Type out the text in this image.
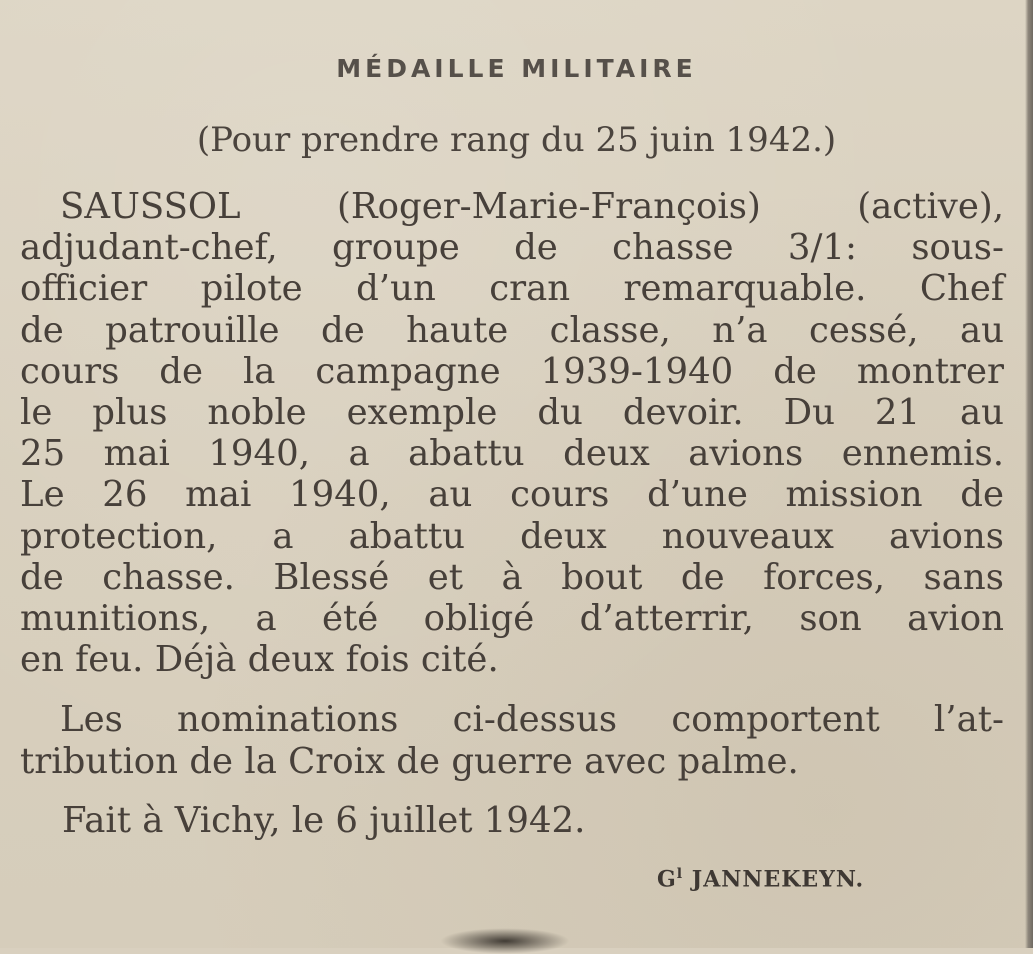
MÉDAILLE MILITAIRE
(Pour prendre rang du 25 juin 1942.)
SAUSSOL (Roger-Marie-François) (active),
adjudant-chef, groupe de chasse 3/1: sous-
officier pilote d’un cran remarquable. Chef
de patrouille de haute classe, n’a cessé, au
cours de la campagne 1939-1940 de montrer
le plus noble exemple du devoir. Du 21 au
25 mai 1940, a abattu deux avions ennemis.
Le 26 mai 1940, au cours d’une mission de
protection, a abattu deux nouveaux avions
de chasse. Blessé et à bout de forces, sans
munitions, a été obligé d’atterrir, son avion
en feu. Déjà deux fois cité.
Les nominations ci-dessus comportent l’at-
tribution de la Croix de guerre avec palme.
Fait à Vichy, le 6 juillet 1942.
$G^l$ JANNEKEYN.
